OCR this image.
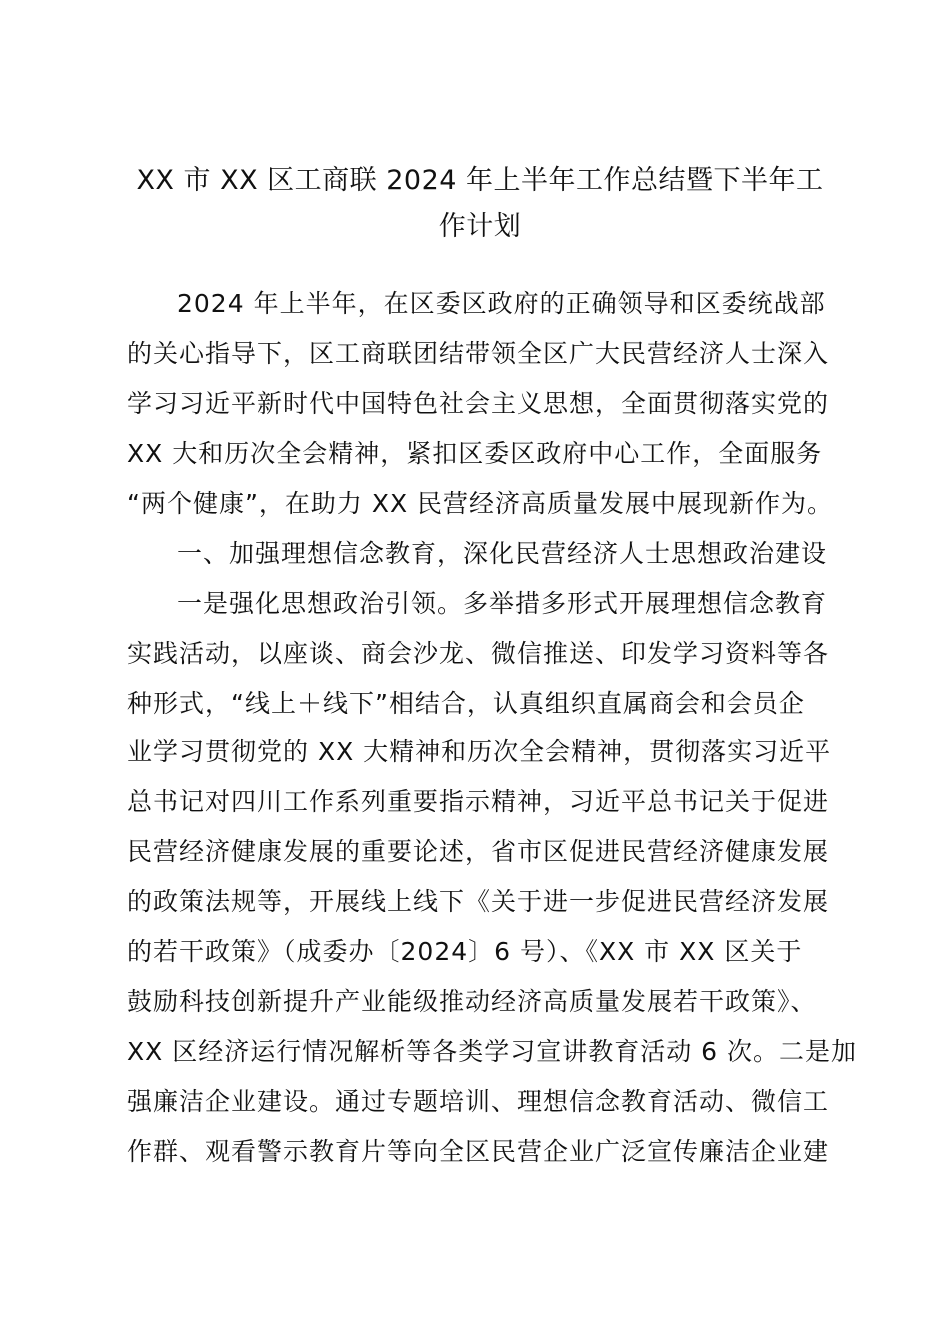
XX 市 XX 区工商联 2024 年上半年工作总结暨下半年工
作计划
2024 年上半年，在区委区政府的正确领导和区委统战部
的关心指导下，区工商联团结带领全区广大民营经济人士深入
学习习近平新时代中国特色社会主义思想，全面贯彻落实党的
XX 大和历次全会精神，紧扣区委区政府中心工作，全面服务
“两个健康”，在助力 XX 民营经济高质量发展中展现新作为。
一、加强理想信念教育，深化民营经济人士思想政治建设
一是强化思想政治引领。多举措多形式开展理想信念教育
实践活动，以座谈、商会沙龙、微信推送、印发学习资料等各
种形式，“线上＋线下”相结合，认真组织直属商会和会员企
业学习贯彻党的 XX 大精神和历次全会精神，贯彻落实习近平
总书记对四川工作系列重要指示精神，习近平总书记关于促进
民营经济健康发展的重要论述，省市区促进民营经济健康发展
的政策法规等，开展线上线下《关于进一步促进民营经济发展
的若干政策》（成委办〔2024〕6 号）、《XX 市 XX 区关于
鼓励科技创新提升产业能级推动经济高质量发展若干政策》、
XX 区经济运行情况解析等各类学习宣讲教育活动 6 次。二是加
强廉洁企业建设。通过专题培训、理想信念教育活动、微信工
作群、观看警示教育片等向全区民营企业广泛宣传廉洁企业建
